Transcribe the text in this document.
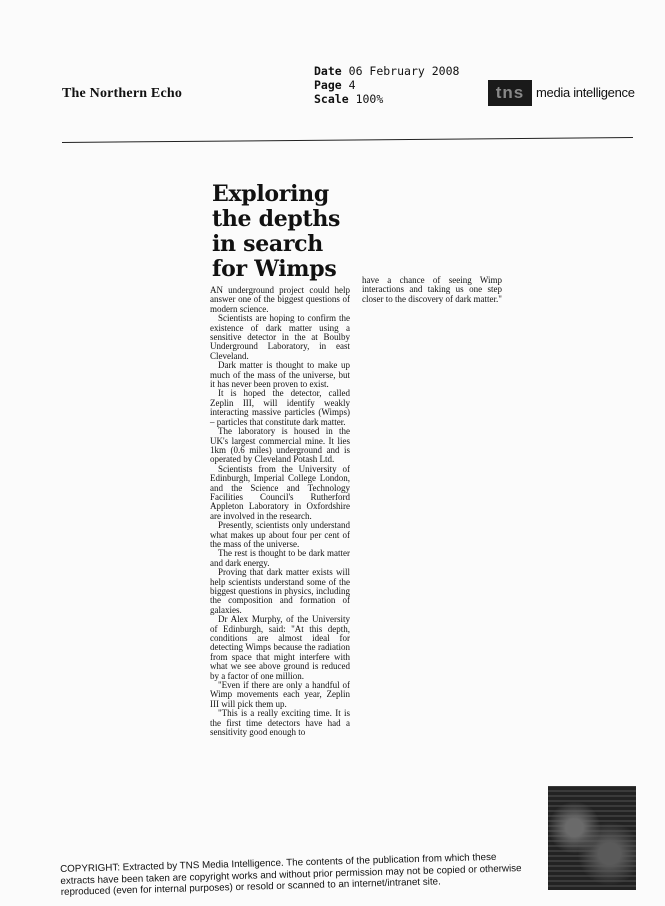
The Northern Echo
Date 06 February 2008
Page 4
Scale 100%	tns media intelligence
Exploring
the depths
in search
for Wimps

AN underground project could help answer one of the biggest questions of modern science.

Scientists are hoping to confirm the existence of dark matter using a sensitive detector in the at Boulby Underground Laboratory, in east Cleveland.

Dark matter is thought to make up much of the mass of the universe, but it has never been proven to exist.

It is hoped the detector, called Zeplin III, will identify weakly interacting massive particles (Wimps) – particles that constitute dark matter.

The laboratory is housed in the UK's largest commercial mine. It lies 1km (0.6 miles) underground and is operated by Cleveland Potash Ltd.

Scientists from the University of Edinburgh, Imperial College London, and the Science and Technology Facilities Council's Rutherford Appleton Laboratory in Oxfordshire are involved in the research.

Presently, scientists only understand what makes up about four per cent of the mass of the universe.

The rest is thought to be dark matter and dark energy.

Proving that dark matter exists will help scientists understand some of the biggest questions in physics, including the composition and formation of galaxies.

Dr Alex Murphy, of the University of Edinburgh, said: "At this depth, conditions are almost ideal for detecting Wimps because the radiation from space that might interfere with what we see above ground is reduced by a factor of one million.

"Even if there are only a handful of Wimp movements each year, Zeplin III will pick them up.

"This is a really exciting time. It is the first time detectors have had a sensitivity good enough to

have a chance of seeing Wimp interactions and taking us one step closer to the discovery of dark matter."

COPYRIGHT: Extracted by TNS Media Intelligence. The contents of the publication from which these extracts have been taken are copyright works and without prior permission may not be copied or otherwise reproduced (even for internal purposes) or resold or scanned to an internet/intranet site.
